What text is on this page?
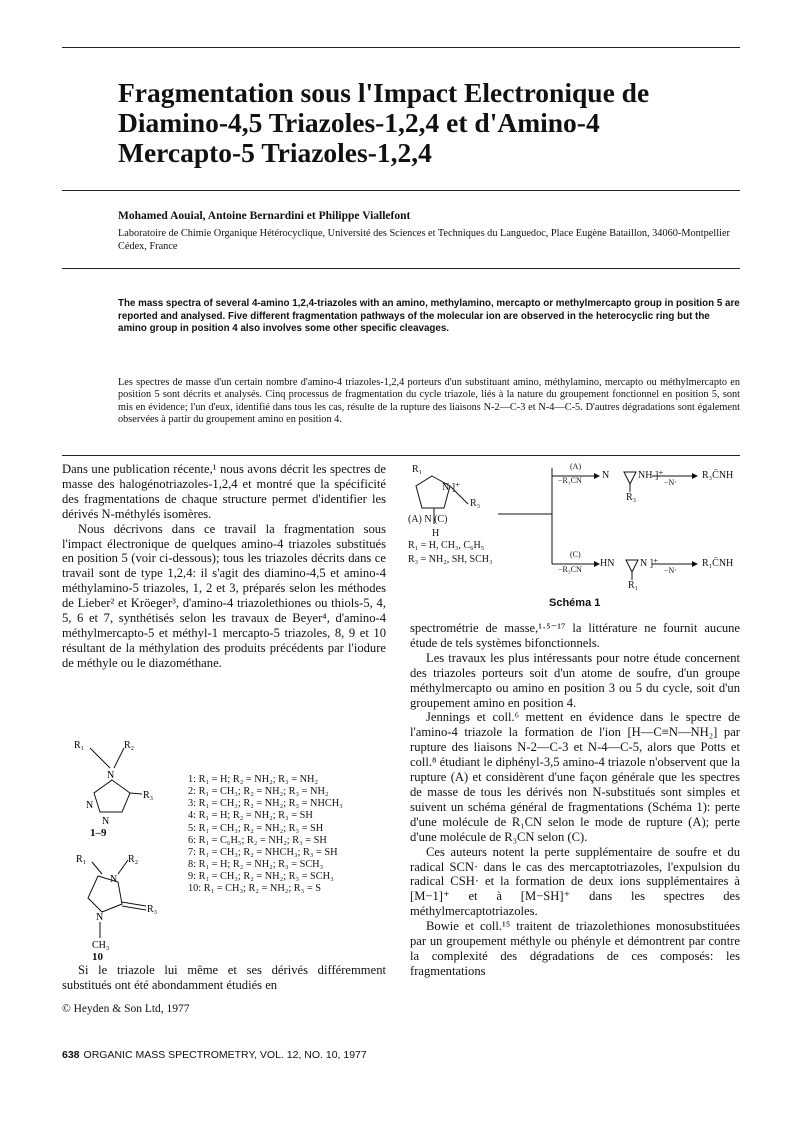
Fragmentation sous l'Impact Electronique de Diamino-4,5 Triazoles-1,2,4 et d'Amino-4 Mercapto-5 Triazoles-1,2,4
Mohamed Aouial, Antoine Bernardini et Philippe Viallefont
Laboratoire de Chimie Organique Hétérocyclique, Université des Sciences et Techniques du Languedoc, Place Eugène Bataillon, 34060-Montpellier Cédex, France
The mass spectra of several 4-amino 1,2,4-triazoles with an amino, methylamino, mercapto or methylmercapto group in position 5 are reported and analysed. Five different fragmentation pathways of the molecular ion are observed in the heterocyclic ring but the amino group in position 4 also involves some other specific cleavages.
Les spectres de masse d'un certain nombre d'amino-4 triazoles-1,2,4 porteurs d'un substituant amino, méthylamino, mercapto ou méthylmercapto en position 5 sont décrits et analysés. Cinq processus de fragmentation du cycle triazole, liés à la nature du groupement fonctionnel en position 5, sont mis en évidence; l'un d'eux, identifié dans tous les cas, résulte de la rupture des liaisons N-2—C-3 et N-4—C-5. D'autres dégradations sont également observées à partir du groupement amino en position 4.

Dans une publication récente,¹ nous avons décrit les spectres de masse des halogénotriazoles-1,2,4 et montré que la spécificité des fragmentations de chaque structure permet d'identifier les dérivés N-méthylés isomères.

Nous décrivons dans ce travail la fragmentation sous l'impact électronique de quelques amino-4 triazoles substitués en position 5 (voir ci-dessous); tous les triazoles décrits dans ce travail sont de type 1,2,4: il s'agit des diamino-4,5 et amino-4 méthylamino-5 triazoles, 1, 2 et 3, préparés selon les méthodes de Lieber² et Kröeger³, d'amino-4 triazolethiones ou thiols-5, 4, 5, 6 et 7, synthétisés selon les travaux de Beyer⁴, d'amino-4 méthylmercapto-5 et méthyl-1 mercapto-5 triazoles, 8, 9 et 10 résultant de la méthylation des produits précédents par l'iodure de méthyle ou le diazométhane.

R₁	R₂
N
R₃
N
N
1–9
R₁	R₂
N
R₃
N
CH₃
10
1: R₁ = H; R₂ = NH₂; R₃ = NH₂
2: R₁ = CH₃; R₂ = NH₂; R₃ = NH₂
3: R₁ = CH₃; R₂ = NH₂; R₃ = NHCH₃
4: R₁ = H; R₂ = NH₂; R₃ = SH
5: R₁ = CH₃; R₂ = NH₂; R₃ = SH
6: R₁ = C₆H₅; R₂ = NH₂; R₃ = SH
7: R₁ = CH₃; R₂ = NHCH₃; R₃ = SH
8: R₁ = H; R₂ = NH₂; R₃ = SCH₃
9: R₁ = CH₃; R₂ = NH₂; R₃ = SCH₃
10: R₁ = CH₃; R₂ = NH₂; R₃ = S

Si le triazole lui même et ses dérivés différemment substitués ont été abondamment étudiés en

© Heyden & Son Ltd, 1977
R₁
N ]⁺
R₃
(A) N (C)
H
R₁ = H, CH₃, C₆H₅
R₃ = NH₂, SH, SCH₃
(A)
−R₁CN N	NH ]⁺
R₃
−N·
R₃C̄NH
(C)
−R₃CN
HN	N ]⁺
R₁
−N·
R₁C̄NH
Schéma 1

spectrométrie de masse,¹·⁵⁻¹⁷ la littérature ne fournit aucune étude de tels systèmes bifonctionnels.

Les travaux les plus intéressants pour notre étude concernent des triazoles porteurs soit d'un atome de soufre, d'un groupe méthylmercapto ou amino en position 3 ou 5 du cycle, soit d'un groupement amino en position 4.

Jennings et coll.⁶ mettent en évidence dans le spectre de l'amino-4 triazole la formation de l'ion [H—C≡N—NH₂] par rupture des liaisons N-2—C-3 et N-4—C-5, alors que Potts et coll.⁸ étudiant le diphényl-3,5 amino-4 triazole n'observent que la rupture (A) et considèrent d'une façon générale que les spectres de masse de tous les dérivés non N-substitués sont simples et suivent un schéma général de fragmentations (Schéma 1): perte d'une molécule de R₁CN selon le mode de rupture (A); perte d'une molécule de R₃CN selon (C).

Ces auteurs notent la perte supplémentaire de soufre et du radical SCN· dans le cas des mercaptotriazoles, l'expulsion du radical CSH· et la formation de deux ions supplémentaires à [M−1]⁺ et à [M−SH]⁺ dans les spectres des méthylmercaptotriazoles.

Bowie et coll.¹⁵ traitent de triazolethiones monosubstituées par un groupement méthyle ou phényle et démontrent par contre la complexité des dégradations de ces composés: les fragmentations

638 ORGANIC MASS SPECTROMETRY, VOL. 12, NO. 10, 1977
